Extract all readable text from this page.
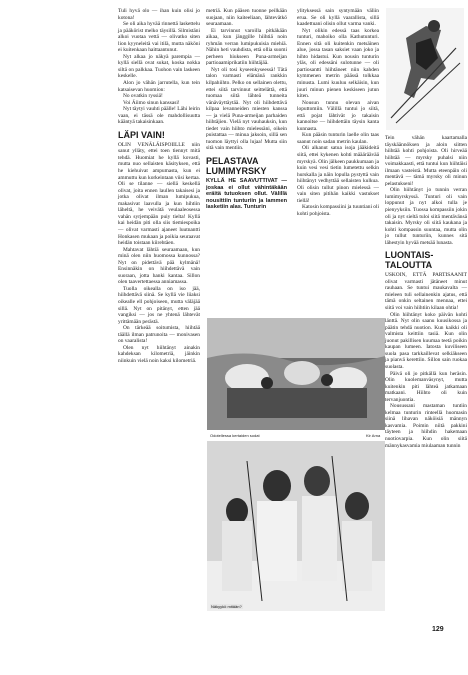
Tuli hyvä olo — ihan kuin olisi jo kotona!

Se oli aika hyvää rinnettä laskettelu ja pääkörist melko täysillä. Silmistäni alkoi vuotaa vettä — olivatko siten lion kyyneleitä vai itilä, mutta näköni ei kuitenkaan haittaantunut.

Nyt alkaa jo näkyä parempia — kyllä siellä ovat sukat, koska nokka siltä on palkkaa. Tuohon vain laskeen keskelle.

Alon jo vähän jarrutella, kun tein katsaisevan huomion:

No ovatkin ryssiä!

Voi Äiimo sinun kanssasi!

Nyt täytyi vauhti päälle! Lähi leirin vaan, ei tässä ole mahdollisuutta kääntyä takaisinkaan.

LÄPI VAIN!

OLIN VENÄLÄISPOIILLE niin sanut ylläty, ettei toen tiennyt mitä tehdä. Huomiat he kyllä kovasti, mutta nuo sellaisten käsityksen, että he kiehuivat ampumasta, kun ei ammuttu kun korkeintaan viisi kertaa. Oli se tilanne — siellä keskellä olivat, joita ennen laullen takaisesi ja jotka olivat ilman lumipukua, makasivat laavulla ja kun hihtiin läheltä, he veivätä veulaaleosessa vahän syrjempään puiy tielta! Kyllä kai heidän piti olla siis tiemiespoika — olivat varmasti ajaneet luutnantti Honkasen mukaan ja poikia seuraavat heidän toistaan kiirehtäen.

Mahtavat lähtiä seuraamaan, kun minä olen niin huomossa kunnossa? Nyt on pidettävä pää kylmänä! Ensinnäkin on hiihdettävä vain suoraan, jotta hanki kantaa. Sillon olen taavertettaessa anniamassa.

Tuolla oikealla on iso jää, hiihdettävä siinä. Se kyllä vie liiaksi oikealle ell pohjoiseen, mutta väläjää sillä. Nyt on pitänyt, etten jää vangiksi — jos ne yhtenä lähtevät yrittämään perästä.

On tärkeää soitumista, hiihtää täällä ilman patrunoita — monivasen on vaaralista!

Olen nyt hiihtänyt ainakin kahdeksan kilometriä, jäinkin niinkuin vielä noin kaksi kilometriä.

metriä. Kun pääsen tuonne peilkään suojaan, niin kaiteeliaan, lähtevätkö seuraamaan.

Ei tarvinnut varoilla pitkäkään aikaa, kun jänggille hiihtiä noin ryhmän verran lumipukuisia miehiä. Nähin heti vauhdista, että ollia suomi perheen hiukseen Puna-armeijan partioaamiprikatiin hiihtäjää.

Nyt oli tosi kyseenkyseessä! Tätä talon varmasti elämänä rankkin kilpahiihto. Pelko on sellainen olettu, ettei siitä tarvinnut seittelättä, että tuomaa siitä lähteä tunneita vänäväyttäytää. Nyt oli hiihdettävä kilpaa levanneiden miesten kanssa — ja vielä Puna-armeijan parhaiden hiihtäjien. Vielä nyt vauhauksin, kun tiedet vain hiihto mielessäni, oikein puistattaa — minua jaksoin, sillä sen tuomon läyttyi olla lujaa! Mutta siin sitä vain mentiin.

PELASTAVA LUMIMYRSKY

KYLLÄ HE SAAVUTTIVAT — joskaa ei ollut vähintäkään eräitä tutuoksen ollut. Välillä nousittiin tunturiin ja lammen lasketiin alas. Tunturin

ylityksessä sain syntymään väliin erua. Se oli kyllä vaarallista, sillä kaadettuani olisin ollut varma vanki.

Nyt olikin edessä taas korkea tunturi, mahoiko olla Kathutunturi. Ennen sitä oli kuitenkin metsäinen alue, jossa tasan saksiet vaan joko ja hihto hidastui. Kun nousin tunturin yläs, oli edessäni sulotunne — oli partiosantti hiihtäneet niin kahden kymmenen metrin päässä tolkkaa minusta. Lumi kuuluu selkäisin, kun juuri minun pienen keskiseen jutun kiten.

Nousun tunnu olevan aivan loputtomiin. Välillä tuntui jo siitä, että pojat lähtivät jo takaisin kannoitse — hiihdettäin täysin kanta kunnasta.

Kun pääsin tunturin laelle olin taas saanut noin sadan metrin kaulan.

Oli alkanut satua isoja jääkideitä siitä, ettei kykenen kohti määäräävää myrskyä. Olin jälkeen paukkumaan ja kuin vesi vesi tietin lumetettu selkin hurskalla ja näin lopulla pystyttä vain hiihtänyt vedhyttää sellaisten kulkua. Oli olisin tullut pinon mielessä — vain siten pitihän kaikki vastukset tiellä!

Katosin kompassiini ja tuuntiani oli kohti pohjoista.

Odotellessa kertaiden sodat	Kir Arna
Näkyykö mitään?

Tein vähän kaartamalla täyskäännöksen ja aloin siitten hiihtää kohti pohjoista. Oli hirveää hiihtää — myrsky puhalsi niin voimakkaasti, että tuntui kun hiihtäisi ilmaan vasteistä. Mutta eteenpäin oli mentävä — tämä myrsky oli minun pelastukseni!

Olin hiihtänyt jo tunnin verran lumimyrskyssä. Tunturi oli vain loppunut ja nyt alkoi tulla je pienyyksiin. Tuossa kompassiin jokin oli ja nyt sieltä tuloi siitä mentävänsä takaisin. Myrsky oli siitä kaukana ja kohti kompassin suuntaa, mutta olin jo tullut tunturiin, kunnes sitä lähestyin hyvää metsää lunasta.

LUONTAIS-TALOUTTA

USKOIN, ETTÄ PARTISAANIT olivat varmasti jätäneet minut rauhaan. Se tuntui maukavalta — mieleen tuli sellainenkin ajatus, että tämä onkin seltainen mennaa, ettei siitä voi vain hiihtiin kilaan ohtia!

Olin hiihtänyt koko päivän kohti länttä. Nyt olin saanu kuusikossa ja päätin tehdä nuotion. Kun kaikki oli valmista keittiin tasiä. Kun olin juonut pakillisen kuumaa teetä poikin kaupan lumeen. Iatosta kuviliseen suola pasa tarkkaillevat selkiäkseen ja pianvä kerettiin. Sillon sain ruokaa suolasta.

Päivä oli jo pitkällä kun heräsin. Olin kuolemanväsynyt, mutta kuitenkin piti lähteä jatkamaan matkaani. Hiihto oli kuin tervanjuontia.

Nousussani mastaman tuntiin kelmaa tunturin rinteellä huomasin siinä lihavan näköisiä männyn kasvamia. Poimin niitä pakkini täyteen ja hiihdin hakemaan nuotiovarpia. Kun olin siitä männykasvamia miulaaman tunnin

129
